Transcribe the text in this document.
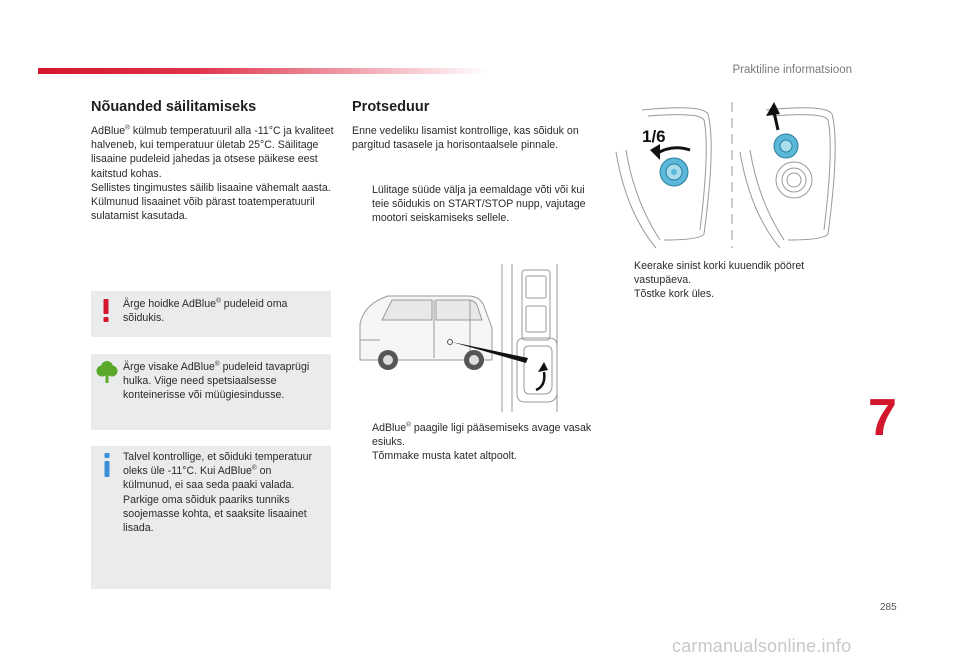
Praktiline informatsioon
Nõuanded säilitamiseks

AdBlue® külmub temperatuuril alla -11°C ja kvaliteet halveneb, kui temperatuur ületab 25°C. Säilitage lisaaine pudeleid jahedas ja otsese päikese eest kaitstud kohas.

Sellistes tingimustes säilib lisaaine vähemalt aasta.

Külmunud lisaainet võib pärast toatemperatuuril sulatamist kasutada.

Ärge hoidke AdBlue® pudeleid oma sõidukis.
Ärge visake AdBlue® pudeleid tavaprügi hulka. Viige need spetsiaalsesse konteinerisse või müügiesindusse.
Talvel kontrollige, et sõiduki temperatuur oleks üle -11°C. Kui AdBlue® on külmunud, ei saa seda paaki valada. Parkige oma sõiduk paariks tunniks soojemasse kohta, et saaksite lisaainet lisada.
Protseduur
Enne vedeliku lisamist kontrollige, kas sõiduk on pargitud tasasele ja horisontaalsele pinnale.
Lülitage süüde välja ja eemaldage võti või kui teie sõidukis on START/STOP nupp, vajutage mootori seiskamiseks sellele.
AdBlue® paagile ligi pääsemiseks avage vasak esiuks.
Tõmmake musta katet altpoolt.
1/6
Keerake sinist korki kuuendik pööret vastupäeva.
Tõstke kork üles.
7
285
carmanualsonline.info
